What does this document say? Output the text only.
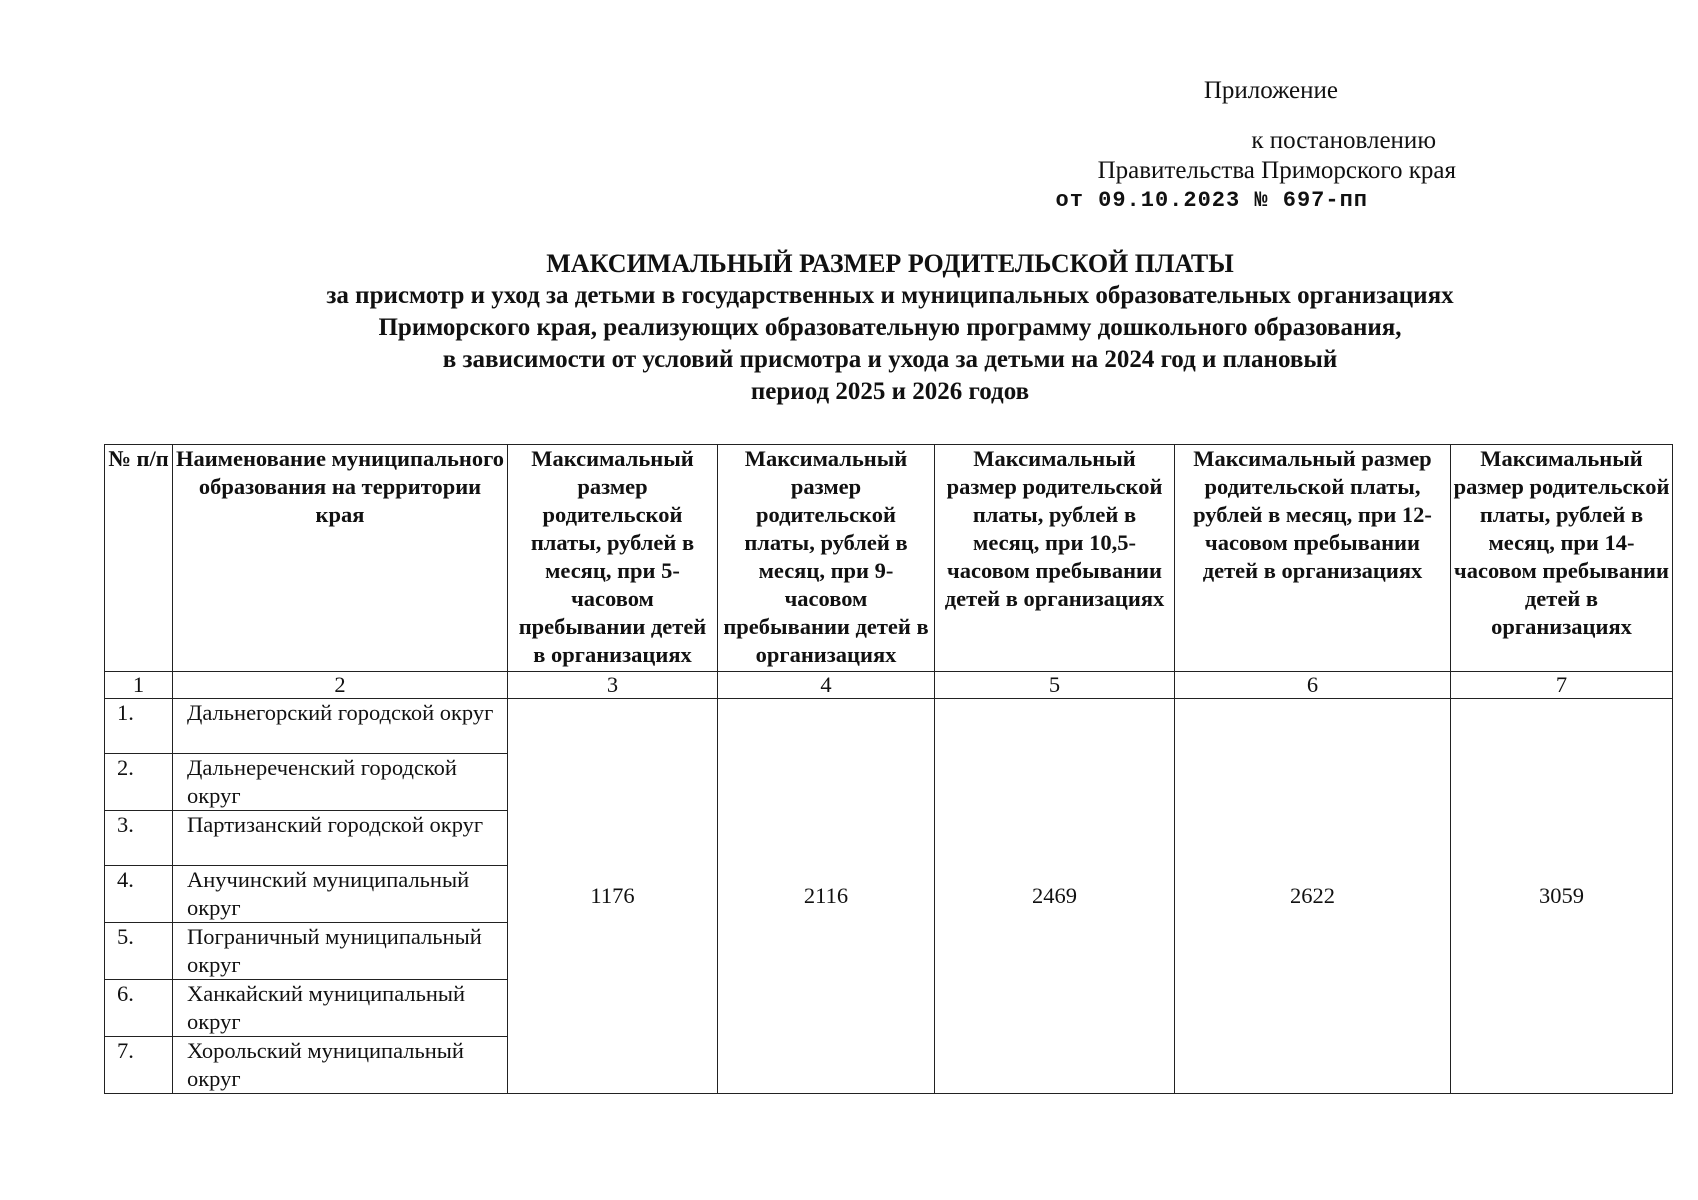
Приложение
к постановлению
Правительства Приморского края
от 09.10.2023 № 697-пп
МАКСИМАЛЬНЫЙ РАЗМЕР РОДИТЕЛЬСКОЙ ПЛАТЫ
за присмотр и уход за детьми в государственных и муниципальных образовательных организациях
Приморского края, реализующих образовательную программу дошкольного образования,
в зависимости от условий присмотра и ухода за детьми на 2024 год и плановый
период 2025 и 2026 годов
№ п/п	Наименование муниципального образования на территории края	Максимальный размер родительской платы, рублей в месяц, при 5-часовом пребывании детей в организациях	Максимальный размер родительской платы, рублей в месяц, при 9-часовом пребывании детей в организациях	Максимальный размер родительской платы, рублей в месяц, при 10,5-часовом пребывании детей в организациях	Максимальный размер родительской платы, рублей в месяц, при 12-часовом пребывании детей в организациях	Максимальный размер родительской платы, рублей в месяц, при 14-часовом пребывании детей в организациях
1	2	3	4	5	6	7
1.	Дальнегорский городской округ	1176	2116	2469	2622	3059
2.	Дальнереченский городской округ					
3.	Партизанский городской округ					
4.	Анучинский муниципальный округ					
5.	Пограничный муниципальный округ					
6.	Ханкайский муниципальный округ					
7.	Хорольский муниципальный округ					
